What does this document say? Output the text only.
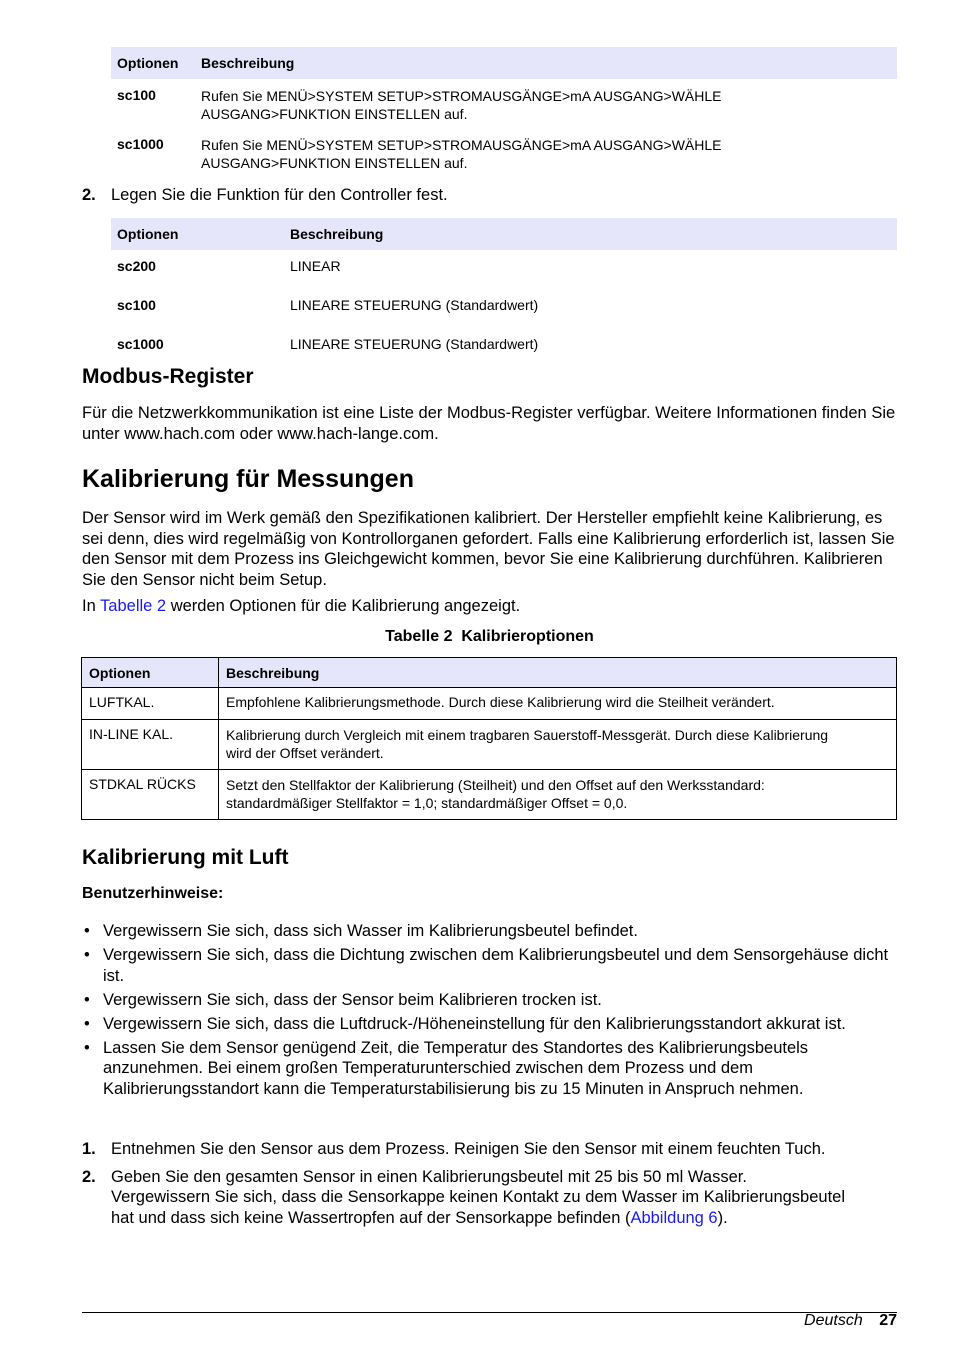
Optionen	Beschreibung
sc100	Rufen Sie MENÜ>SYSTEM SETUP>STROMAUSGÄNGE>mA AUSGANG>WÄHLE AUSGANG>FUNKTION EINSTELLEN auf.
sc1000	Rufen Sie MENÜ>SYSTEM SETUP>STROMAUSGÄNGE>mA AUSGANG>WÄHLE AUSGANG>FUNKTION EINSTELLEN auf.
2. Legen Sie die Funktion für den Controller fest.
Optionen	Beschreibung
sc200	LINEAR
sc100	LINEARE STEUERUNG (Standardwert)
sc1000	LINEARE STEUERUNG (Standardwert)
Modbus-Register
Für die Netzwerkkommunikation ist eine Liste der Modbus-Register verfügbar. Weitere Informationen finden Sie unter www.hach.com oder www.hach-lange.com.
Kalibrierung für Messungen
Der Sensor wird im Werk gemäß den Spezifikationen kalibriert. Der Hersteller empfiehlt keine Kalibrierung, es sei denn, dies wird regelmäßig von Kontrollorganen gefordert. Falls eine Kalibrierung erforderlich ist, lassen Sie den Sensor mit dem Prozess ins Gleichgewicht kommen, bevor Sie eine Kalibrierung durchführen. Kalibrieren Sie den Sensor nicht beim Setup.
In Tabelle 2 werden Optionen für die Kalibrierung angezeigt.
Tabelle 2  Kalibrieroptionen
Optionen	Beschreibung
LUFTKAL.	Empfohlene Kalibrierungsmethode. Durch diese Kalibrierung wird die Steilheit verändert.
IN-LINE KAL.	Kalibrierung durch Vergleich mit einem tragbaren Sauerstoff-Messgerät. Durch diese Kalibrierung wird der Offset verändert.
STDKAL RÜCKS	Setzt den Stellfaktor der Kalibrierung (Steilheit) und den Offset auf den Werksstandard: standardmäßiger Stellfaktor = 1,0; standardmäßiger Offset = 0,0.
Kalibrierung mit Luft
Benutzerhinweise:
• Vergewissern Sie sich, dass sich Wasser im Kalibrierungsbeutel befindet.
• Vergewissern Sie sich, dass die Dichtung zwischen dem Kalibrierungsbeutel und dem Sensorgehäuse dicht ist.
• Vergewissern Sie sich, dass der Sensor beim Kalibrieren trocken ist.
• Vergewissern Sie sich, dass die Luftdruck-/Höheneinstellung für den Kalibrierungsstandort akkurat ist.
• Lassen Sie dem Sensor genügend Zeit, die Temperatur des Standortes des Kalibrierungsbeutels anzunehmen. Bei einem großen Temperaturunterschied zwischen dem Prozess und dem Kalibrierungsstandort kann die Temperaturstabilisierung bis zu 15 Minuten in Anspruch nehmen.
1. Entnehmen Sie den Sensor aus dem Prozess. Reinigen Sie den Sensor mit einem feuchten Tuch.
2. Geben Sie den gesamten Sensor in einen Kalibrierungsbeutel mit 25 bis 50 ml Wasser. Vergewissern Sie sich, dass die Sensorkappe keinen Kontakt zu dem Wasser im Kalibrierungsbeutel hat und dass sich keine Wassertropfen auf der Sensorkappe befinden (Abbildung 6).
Deutsch 27
